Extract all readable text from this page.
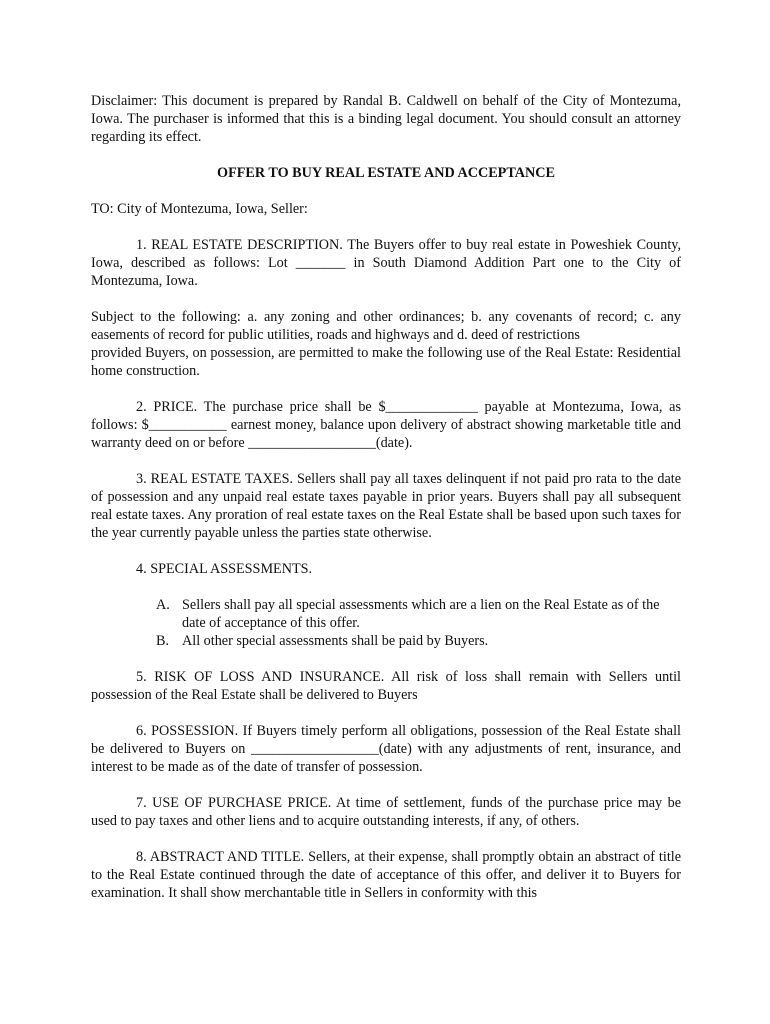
Disclaimer: This document is prepared by Randal B. Caldwell on behalf of the City of Montezuma, Iowa. The purchaser is informed that this is a binding legal document. You should consult an attorney regarding its effect.

OFFER TO BUY REAL ESTATE AND ACCEPTANCE

TO: City of Montezuma, Iowa, Seller:

1. REAL ESTATE DESCRIPTION. The Buyers offer to buy real estate in Poweshiek County, Iowa, described as follows: Lot _______ in South Diamond Addition Part one to the City of Montezuma, Iowa.

Subject to the following: a. any zoning and other ordinances; b. any covenants of record; c. any easements of record for public utilities, roads and highways and d. deed of restrictions

provided Buyers, on possession, are permitted to make the following use of the Real Estate: Residential home construction.

2. PRICE. The purchase price shall be $_____________ payable at Montezuma, Iowa, as follows: $___________ earnest money, balance upon delivery of abstract showing marketable title and warranty deed on or before __________________(date).

3. REAL ESTATE TAXES. Sellers shall pay all taxes delinquent if not paid pro rata to the date of possession and any unpaid real estate taxes payable in prior years. Buyers shall pay all subsequent real estate taxes. Any proration of real estate taxes on the Real Estate shall be based upon such taxes for the year currently payable unless the parties state otherwise.

4. SPECIAL ASSESSMENTS.

A. Sellers shall pay all special assessments which are a lien on the Real Estate as of the date of acceptance of this offer.
B. All other special assessments shall be paid by Buyers.

5. RISK OF LOSS AND INSURANCE. All risk of loss shall remain with Sellers until possession of the Real Estate shall be delivered to Buyers

6. POSSESSION. If Buyers timely perform all obligations, possession of the Real Estate shall be delivered to Buyers on __________________(date) with any adjustments of rent, insurance, and interest to be made as of the date of transfer of possession.

7. USE OF PURCHASE PRICE. At time of settlement, funds of the purchase price may be used to pay taxes and other liens and to acquire outstanding interests, if any, of others.

8. ABSTRACT AND TITLE. Sellers, at their expense, shall promptly obtain an abstract of title to the Real Estate continued through the date of acceptance of this offer, and deliver it to Buyers for examination. It shall show merchantable title in Sellers in conformity with this
